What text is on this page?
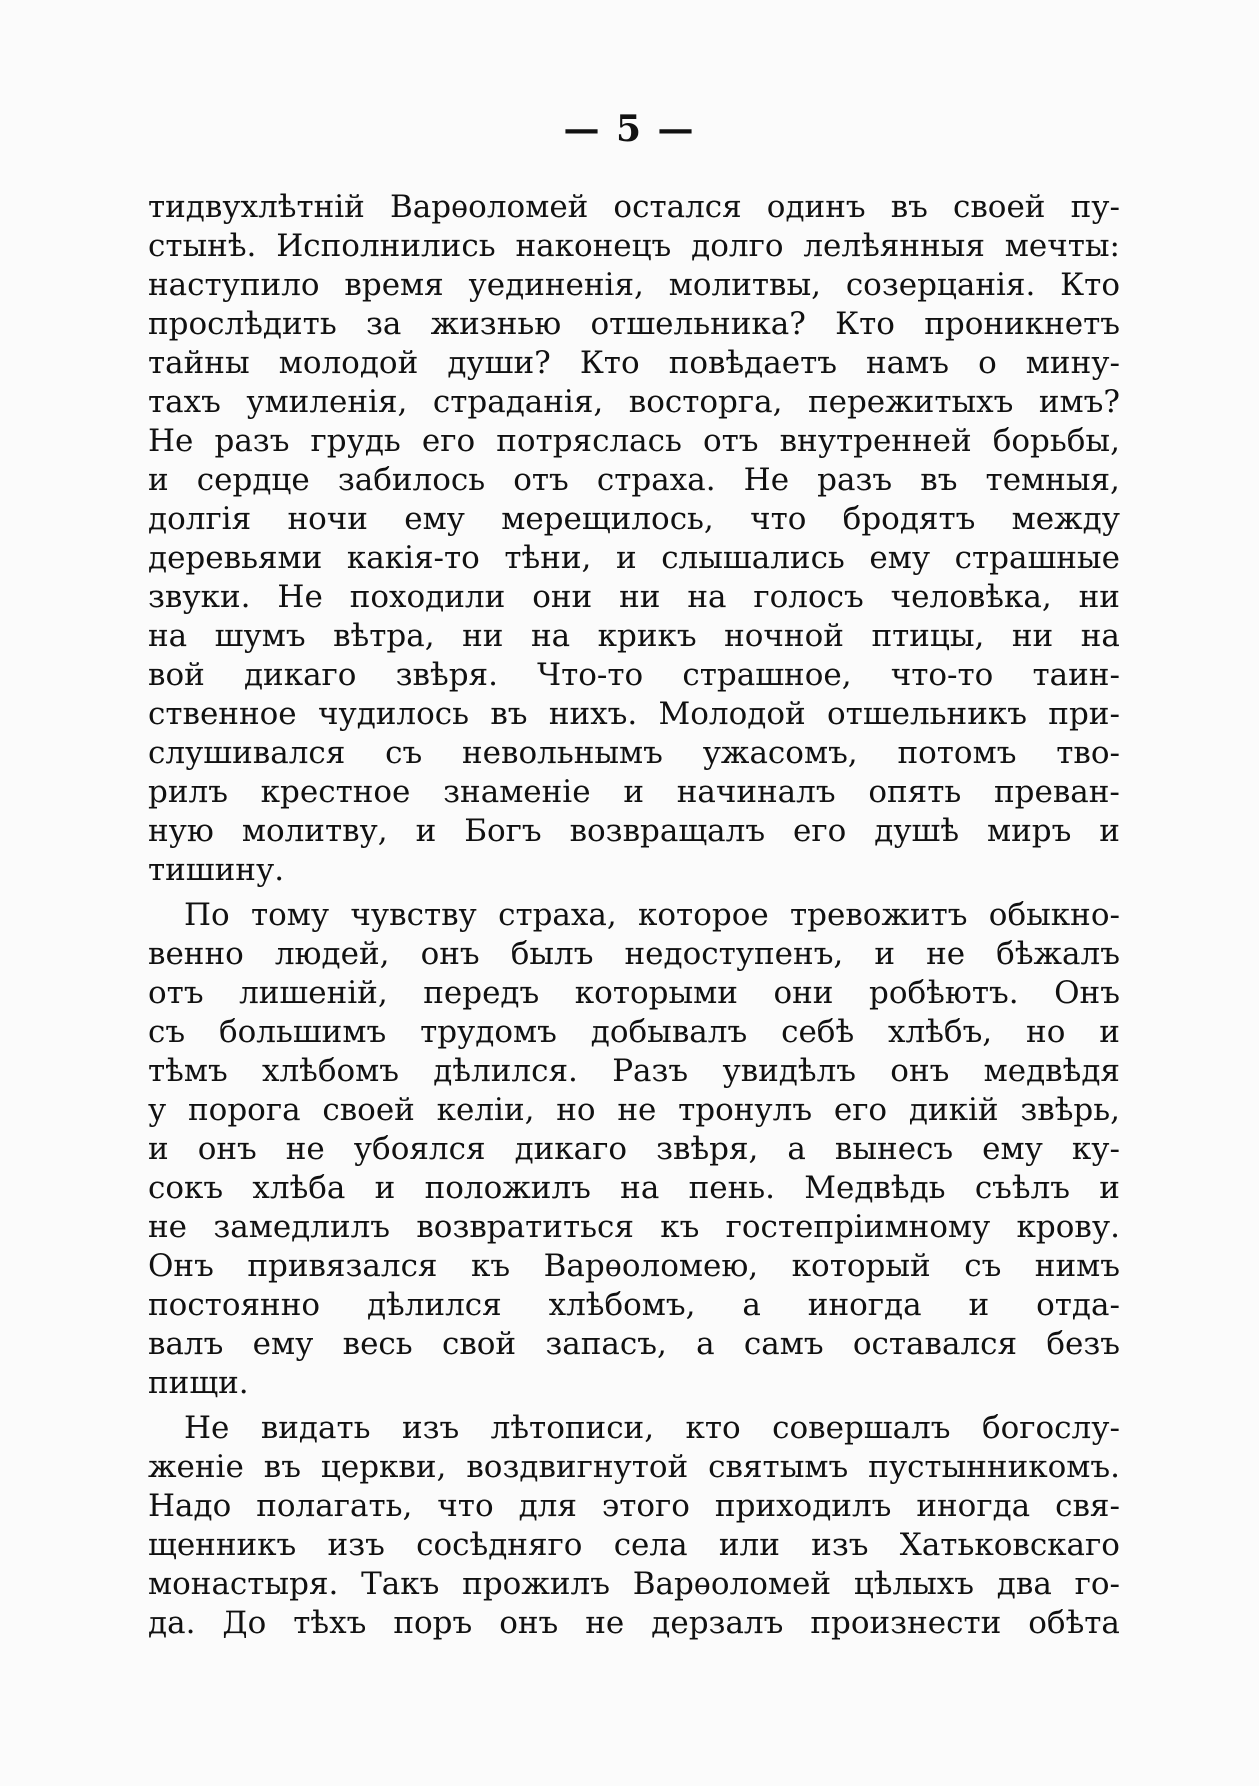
— 5 —
тидвухлѣтній Варѳоломей остался одинъ въ своей пу-
стынѣ. Исполнились наконецъ долго лелѣянныя мечты:
наступило время уединенія, молитвы, созерцанія. Кто
прослѣдить за жизнью отшельника? Кто проникнетъ
тайны молодой души? Кто повѣдаетъ намъ о мину-
тахъ умиленія, страданія, восторга, пережитыхъ имъ?
Не разъ грудь его потряслась отъ внутренней борьбы,
и сердце забилось отъ страха. Не разъ въ темныя,
долгія ночи ему мерещилось, что бродятъ между
деревьями какія-то тѣни, и слышались ему страшные
звуки. Не походили они ни на голосъ человѣка, ни
на шумъ вѣтра, ни на крикъ ночной птицы, ни на
вой дикаго звѣря. Что-то страшное, что-то таин-
ственное чудилось въ нихъ. Молодой отшельникъ при-
слушивался съ невольнымъ ужасомъ, потомъ тво-
рилъ крестное знаменіе и начиналъ опять преван-
ную молитву, и Богъ возвращалъ его душѣ миръ и
тишину.
По тому чувству страха, которое тревожитъ обыкно-
венно людей, онъ былъ недоступенъ, и не бѣжалъ
отъ лишеній, передъ которыми они робѣютъ. Онъ
съ большимъ трудомъ добывалъ себѣ хлѣбъ, но и
тѣмъ хлѣбомъ дѣлился. Разъ увидѣлъ онъ медвѣдя
у порога своей келіи, но не тронулъ его дикій звѣрь,
и онъ не убоялся дикаго звѣря, а вынесъ ему ку-
сокъ хлѣба и положилъ на пень. Медвѣдь съѣлъ и
не замедлилъ возвратиться къ гостепріимному крову.
Онъ привязался къ Варѳоломею, который съ нимъ
постоянно дѣлился хлѣбомъ, а иногда и отда-
валъ ему весь свой запасъ, а самъ оставался безъ
пищи.
Не видать изъ лѣтописи, кто совершалъ богослу-
женіе въ церкви, воздвигнутой святымъ пустынникомъ.
Надо полагать, что для этого приходилъ иногда свя-
щенникъ изъ сосѣдняго села или изъ Хатьковскаго
монастыря. Такъ прожилъ Варѳоломей цѣлыхъ два го-
да. До тѣхъ поръ онъ не дерзалъ произнести обѣта
